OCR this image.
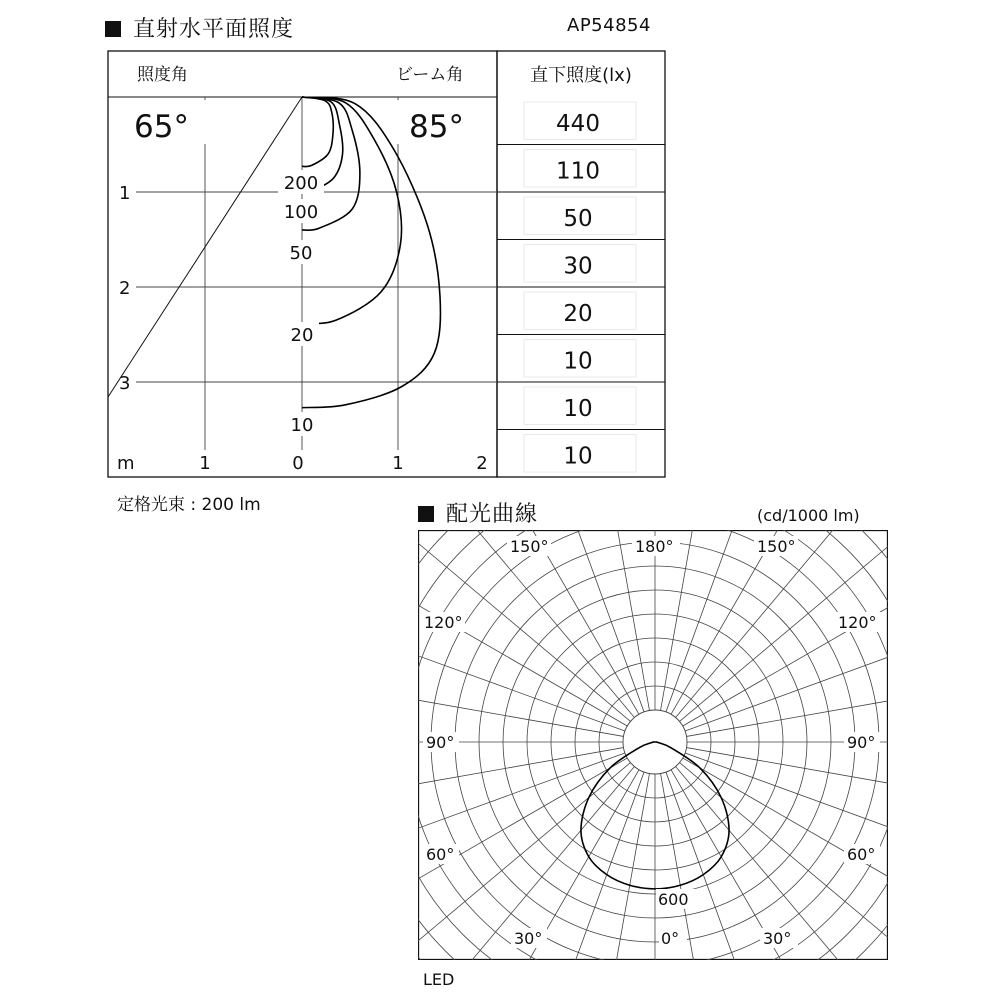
直射水平面照度	AP54854
照度角	ビーム角	直下照度(lx)
65°	85°
1
2
3
m	1	0	1	2
200
100
50
20
10
440
110
50
30
20
10
10
10
定格光束 : 200 lm	配光曲線	(cd/1000 lm)
150°	180°	150°
120°	120°
90°	90°
60°	60°
30°	0°	30°
600
LED
